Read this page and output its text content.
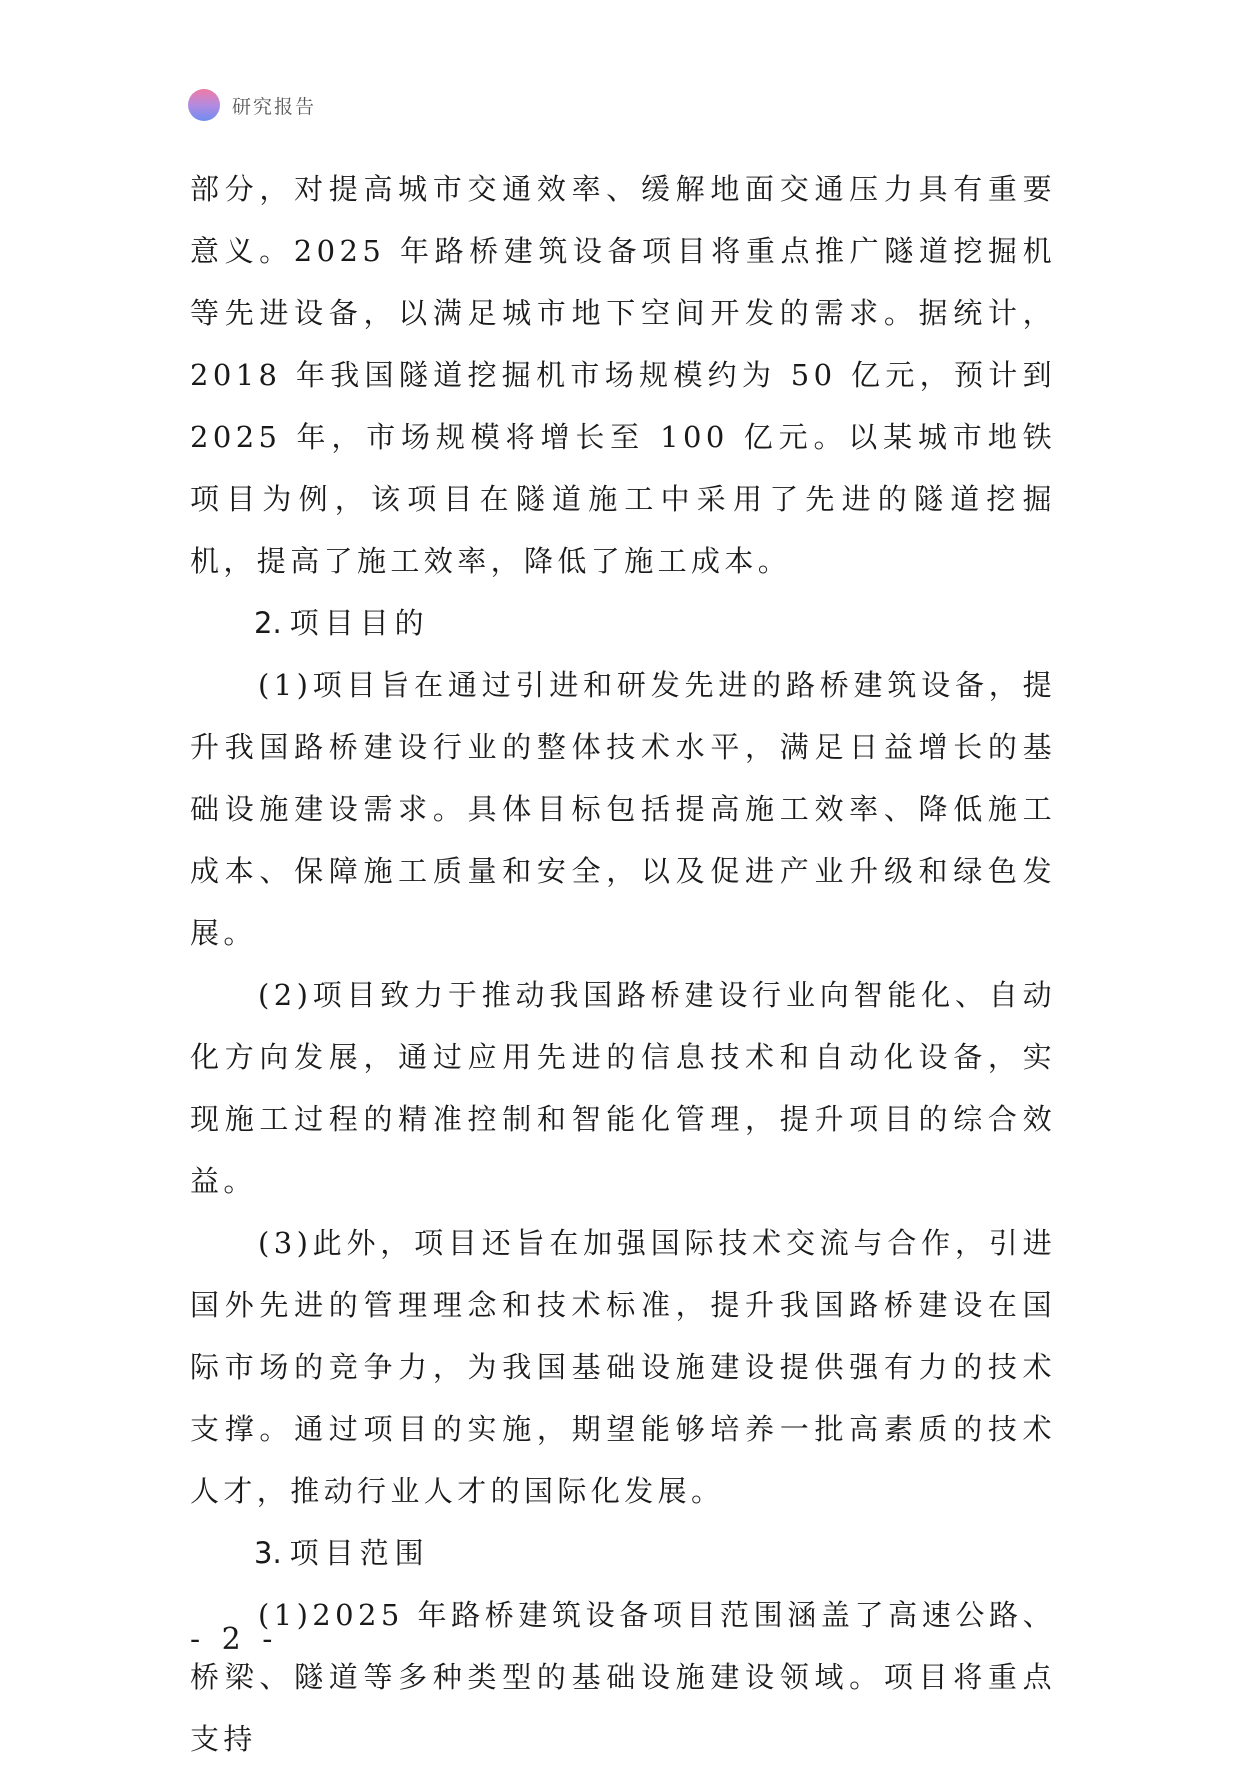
研究报告

部分，对提高城市交通效率、缓解地面交通压力具有重要意义。2025 年路桥建筑设备项目将重点推广隧道挖掘机等先进设备，以满足城市地下空间开发的需求。据统计，2018 年我国隧道挖掘机市场规模约为 50 亿元，预计到 2025 年，市场规模将增长至 100 亿元。以某城市地铁项目为例，该项目在隧道施工中采用了先进的隧道挖掘机，提高了施工效率，降低了施工成本。

2. 项目目的

(1)项目旨在通过引进和研发先进的路桥建筑设备，提升我国路桥建设行业的整体技术水平，满足日益增长的基础设施建设需求。具体目标包括提高施工效率、降低施工成本、保障施工质量和安全，以及促进产业升级和绿色发展。

(2)项目致力于推动我国路桥建设行业向智能化、自动化方向发展，通过应用先进的信息技术和自动化设备，实现施工过程的精准控制和智能化管理，提升项目的综合效益。

(3)此外，项目还旨在加强国际技术交流与合作，引进国外先进的管理理念和技术标准，提升我国路桥建设在国际市场的竞争力，为我国基础设施建设提供强有力的技术支撑。通过项目的实施，期望能够培养一批高素质的技术人才，推动行业人才的国际化发展。

3. 项目范围

(1)2025 年路桥建筑设备项目范围涵盖了高速公路、桥梁、隧道等多种类型的基础设施建设领域。项目将重点支持

- 2 -
